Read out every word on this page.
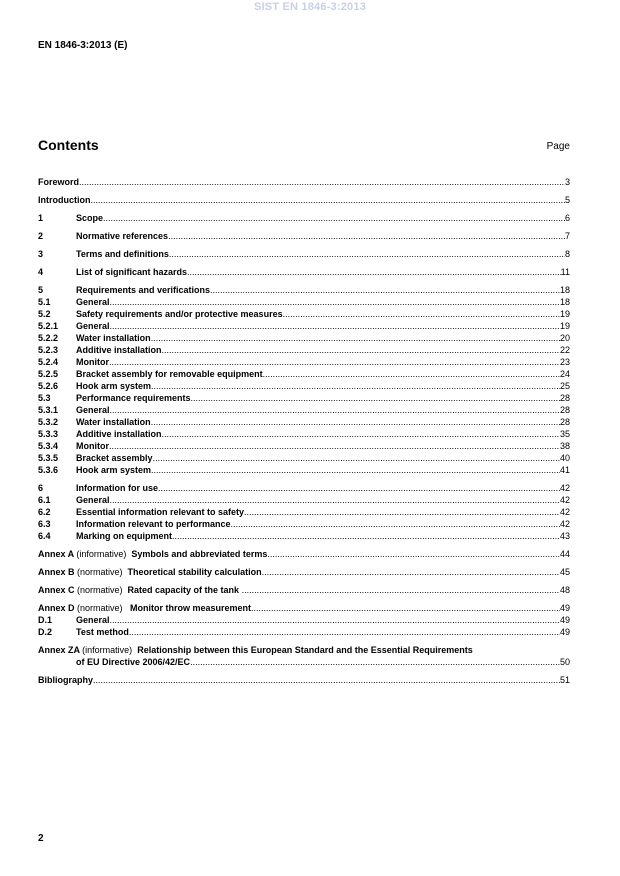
SIST EN 1846-3:2013
EN 1846-3:2013 (E)
Contents	Page
Foreword .....	3
Introduction .....	5
1	Scope .....	6
2	Normative references .....	7
3	Terms and definitions .....	8
4	List of significant hazards .....	11
5	Requirements and verifications .....	18
5.1	General .....	18
5.2	Safety requirements and/or protective measures .....	19
5.2.1	General .....	19
5.2.2	Water installation .....	20
5.2.3	Additive installation .....	22
5.2.4	Monitor .....	23
5.2.5	Bracket assembly for removable equipment .....	24
5.2.6	Hook arm system .....	25
5.3	Performance requirements .....	28
5.3.1	General .....	28
5.3.2	Water installation .....	28
5.3.3	Additive installation .....	35
5.3.4	Monitor .....	38
5.3.5	Bracket assembly .....	40
5.3.6	Hook arm system .....	41
6	Information for use .....	42
6.1	General .....	42
6.2	Essential information relevant to safety .....	42
6.3	Information relevant to performance .....	42
6.4	Marking on equipment .....	43
Annex A (informative)  Symbols and abbreviated terms .....	44
Annex B (normative)  Theoretical stability calculation .....	45
Annex C (normative)  Rated capacity of the tank .....	48
Annex D (normative)   Monitor throw measurement .....	49
D.1	General .....	49
D.2	Test method .....	49
Annex ZA (informative)  Relationship between this European Standard and the Essential Requirements
of EU Directive 2006/42/EC .....	50
Bibliography .....	51
2
